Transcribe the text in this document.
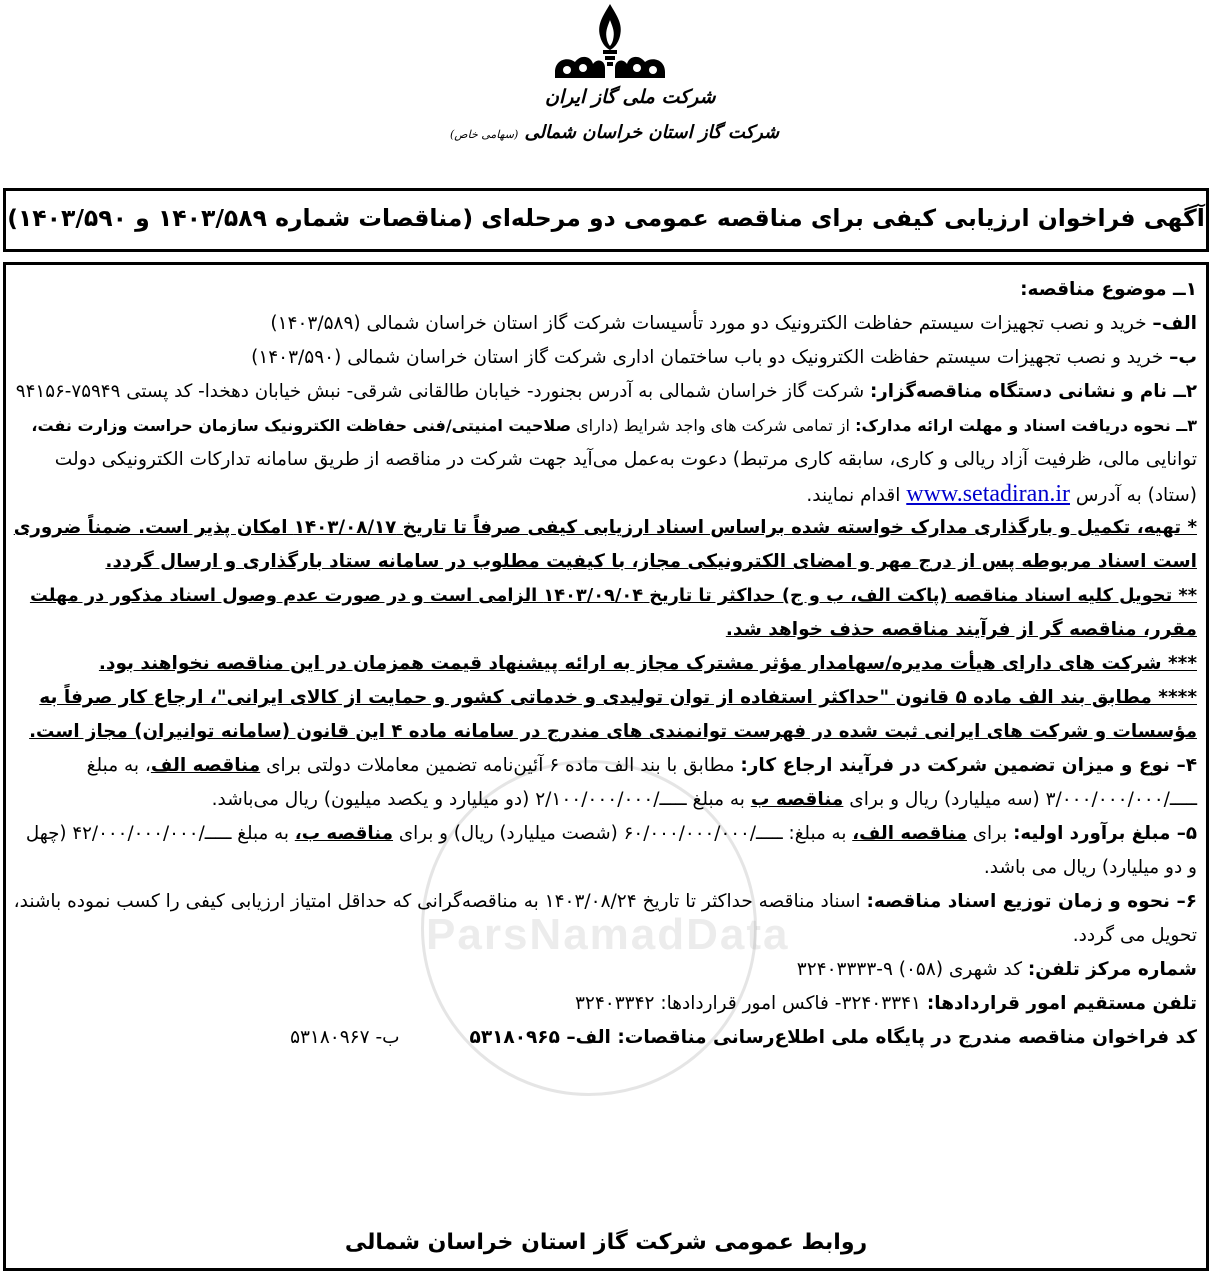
شرکت ملی گاز ایران
شرکت گاز استان خراسان شمالی (سهامی خاص)
آگهی فراخوان ارزیابی کیفی برای مناقصه عمومی دو مرحله‌ای (مناقصات شماره ۱۴۰۳/۵۸۹ و ۱۴۰۳/۵۹۰)
ParsNamadData
۱ــ موضوع مناقصه:
الف– خرید و نصب تجهیزات سیستم حفاظت الکترونیک دو مورد تأسیسات شرکت گاز استان خراسان شمالی (۱۴۰۳/۵۸۹)
ب– خرید و نصب تجهیزات سیستم حفاظت الکترونیک دو باب ساختمان اداری شرکت گاز استان خراسان شمالی (۱۴۰۳/۵۹۰)
۲ــ نام و نشانی دستگاه مناقصه‌گزار: شرکت گاز خراسان شمالی به آدرس بجنورد- خیابان طالقانی شرقی- نبش خیابان دهخدا- کد پستی ۷۵۹۴۹-۹۴۱۵۶
۳ــ نحوه دریافت اسناد و مهلت ارائه مدارک: از تمامی شرکت های واجد شرایط (دارای صلاحیت امنیتی/فنی حفاظت الکترونیک سازمان حراست وزارت نفت،
توانایی مالی، ظرفیت آزاد ریالی و کاری، سابقه کاری مرتبط) دعوت به‌عمل می‌آید جهت شرکت در مناقصه از طریق سامانه تدارکات الکترونیکی دولت
(ستاد) به آدرس www.setadiran.ir اقدام نمایند.
* تهیه، تکمیل و بارگذاری مدارک خواسته شده براساس اسناد ارزیابی کیفی صرفاً تا تاریخ ۱۴۰۳/۰۸/۱۷ امکان پذیر است. ضمناً ضروری
است اسناد مربوطه پس از درج مهر و امضای الکترونیکی مجاز، با کیفیت مطلوب در سامانه ستاد بارگذاری و ارسال گردد.
** تحویل کلیه اسناد مناقصه (پاکت الف، ب و ج) حداکثر تا تاریخ ۱۴۰۳/۰۹/۰۴ الزامی است و در صورت عدم وصول اسناد مذکور در مهلت
مقرر، مناقصه گر از فرآیند مناقصه حذف خواهد شد.
*** شرکت های دارای هیأت مدیره/سهامدار مؤثر مشترک مجاز به ارائه پیشنهاد قیمت همزمان در این مناقصه نخواهند بود.
**** مطابق بند الف ماده ۵ قانون "حداکثر استفاده از توان تولیدی و خدماتی کشور و حمایت از کالای ایرانی"، ارجاع کار صرفاً به
مؤسسات و شرکت های ایرانی ثبت شده در فهرست توانمندی های مندرج در سامانه ماده ۴ این قانون (سامانه توانیران) مجاز است.
۴– نوع و میزان تضمین شرکت در فرآیند ارجاع کار: مطابق با بند الف ماده ۶ آئین‌نامه تضمین معاملات دولتی برای مناقصه الف، به مبلغ
ـــــ/۳/۰۰۰/۰۰۰/۰۰۰ (سه میلیارد) ریال و برای مناقصه ب به مبلغ ـــــ/۲/۱۰۰/۰۰۰/۰۰۰ (دو میلیارد و یکصد میلیون) ریال می‌باشد.
۵– مبلغ برآورد اولیه: برای مناقصه الف، به مبلغ: ـــــ/۶۰/۰۰۰/۰۰۰/۰۰۰ (شصت میلیارد) ریال) و برای مناقصه ب، به مبلغ ـــــ/۴۲/۰۰۰/۰۰۰/۰۰۰ (چهل
و دو میلیارد) ریال می باشد.
۶– نحوه و زمان توزیع اسناد مناقصه: اسناد مناقصه حداکثر تا تاریخ ۱۴۰۳/۰۸/۲۴ به مناقصه‌گرانی که حداقل امتیاز ارزیابی کیفی را کسب نموده باشند،
تحویل می گردد.
شماره مرکز تلفن: کد شهری (۰۵۸) ۹-۳۲۴۰۳۳۳۳
تلفن مستقیم امور قراردادها: ۳۲۴۰۳۳۴۱- فاکس امور قراردادها: ۳۲۴۰۳۳۴۲
کد فراخوان مناقصه مندرج در پایگاه ملی اطلاع‌رسانی مناقصات: الف– ۵۳۱۸۰۹۶۵ب- ۵۳۱۸۰۹۶۷
روابط عمومی شرکت گاز استان خراسان شمالی
